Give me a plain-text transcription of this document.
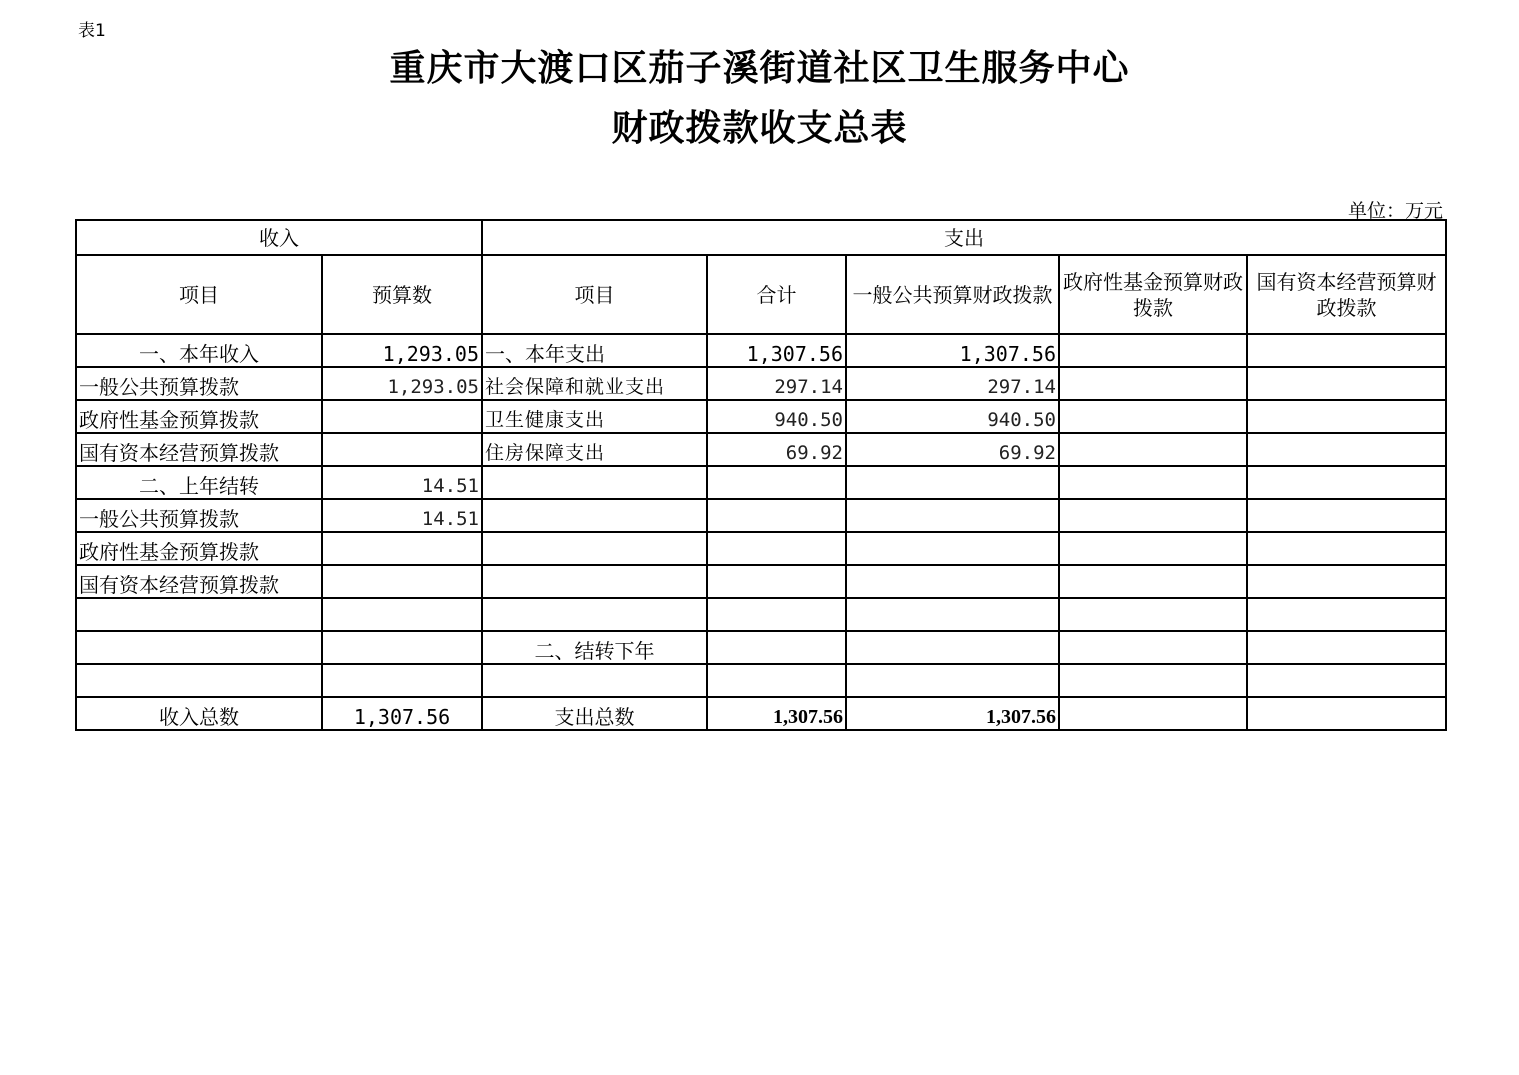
表1
重庆市大渡口区茄子溪街道社区卫生服务中心
财政拨款收支总表
单位：万元
收入		支出				
项目	预算数	项目	合计	一般公共预算财政拨款	政府性基金预算财政拨款	国有资本经营预算财政拨款
一、本年收入	1,293.05	一、本年支出	1,307.56	1,307.56		
一般公共预算拨款	1,293.05	社会保障和就业支出	297.14	297.14		
政府性基金预算拨款		卫生健康支出	940.50	940.50		
国有资本经营预算拨款		住房保障支出	69.92	69.92		
二、上年结转	14.51					
一般公共预算拨款	14.51					
政府性基金预算拨款						
国有资本经营预算拨款						

		二、结转下年				

收入总数	1,307.56	支出总数	1,307.56	1,307.56		
